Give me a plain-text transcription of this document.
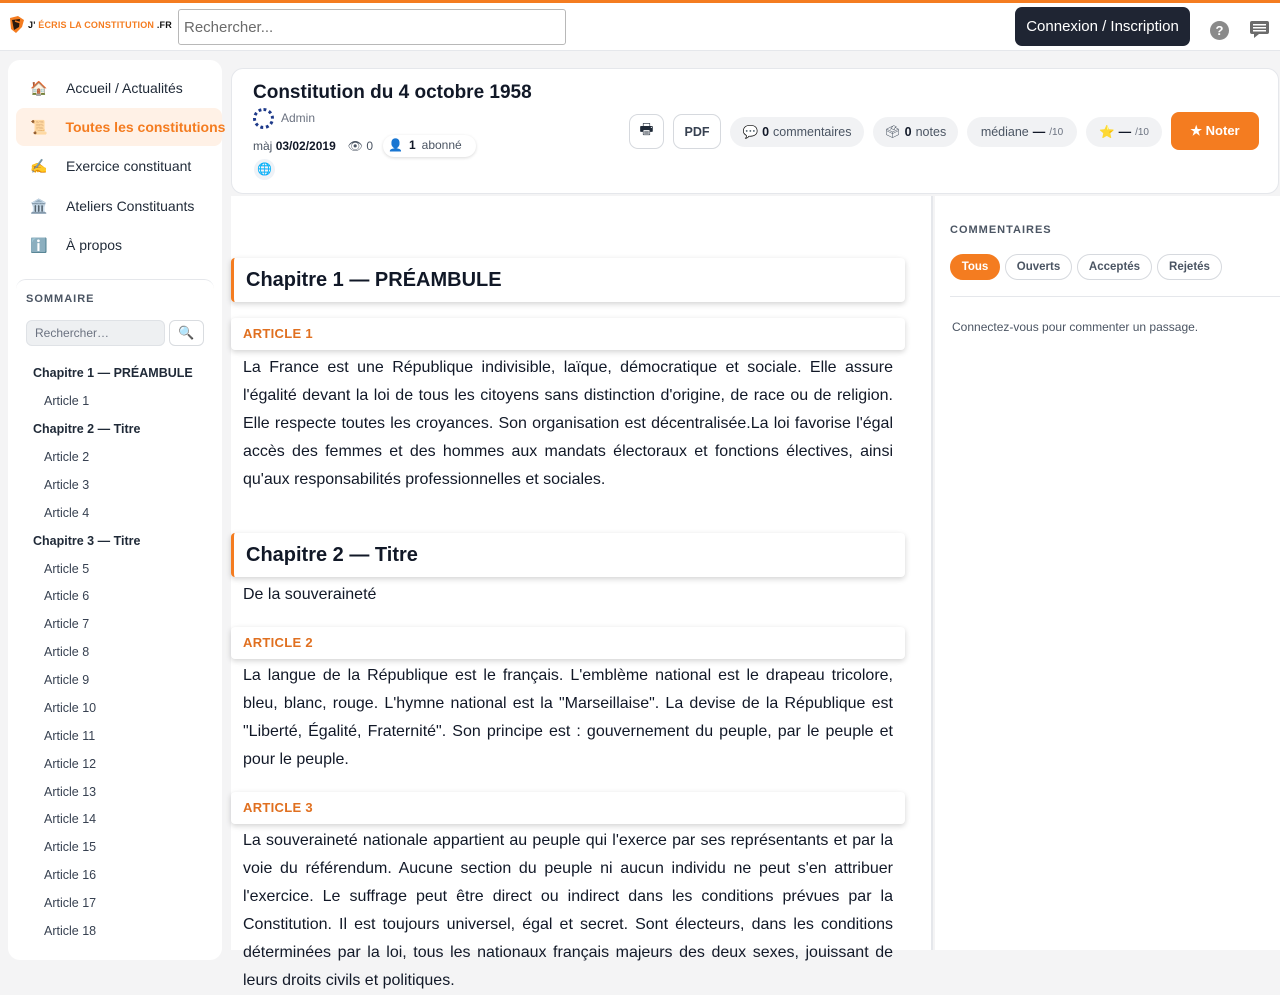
J' ÉCRIS LA CONSTITUTION .FR
Rechercher...	Connexion / Inscription	?
🏠 Accueil / Actualités
📜 Toutes les constitutions
✍️ Exercice constituant
🏛️ Ateliers Constituants
ℹ️ À propos
SOMMAIRE
Rechercher…
🔍
Chapitre 1 — PRÉAMBULE
Article 1
Chapitre 2 — Titre
Article 2
Article 3
Article 4
Chapitre 3 — Titre
Article 5
Article 6
Article 7
Article 8
Article 9
Article 10
Article 11
Article 12
Article 13
Article 14
Article 15
Article 16
Article 17
Article 18
Constitution du 4 octobre 1958
Admin
màj
03/02/2019 👁
0 👤 1 abonné
🌐
🖶	PDF	💬 0 commentaires	🗳 0 notes	médiane — /10	⭐ — /10	★ Noter
Chapitre 1 — PRÉAMBULE
ARTICLE 1
La France est une République indivisible, laïque, démocratique et sociale. Elle assure l'égalité devant la loi de tous les citoyens sans distinction d'origine, de race ou de religion. Elle respecte toutes les croyances. Son organisation est décentralisée.La loi favorise l'égal accès des femmes et des hommes aux mandats électoraux et fonctions électives, ainsi qu'aux responsabilités professionnelles et sociales.
Chapitre 2 — Titre
De la souveraineté
ARTICLE 2
La langue de la République est le français. L'emblème national est le drapeau tricolore, bleu, blanc, rouge. L'hymne national est la "Marseillaise". La devise de la République est "Liberté, Égalité, Fraternité". Son principe est : gouvernement du peuple, par le peuple et pour le peuple.
ARTICLE 3
La souveraineté nationale appartient au peuple qui l'exerce par ses représentants et par la voie du référendum. Aucune section du peuple ni aucun individu ne peut s'en attribuer l'exercice. Le suffrage peut être direct ou indirect dans les conditions prévues par la Constitution. Il est toujours universel, égal et secret. Sont électeurs, dans les conditions déterminées par la loi, tous les nationaux français majeurs des deux sexes, jouissant de leurs droits civils et politiques.
COMMENTAIRES
Tous	Ouverts	Acceptés	Rejetés
Connectez-vous pour commenter un passage.
